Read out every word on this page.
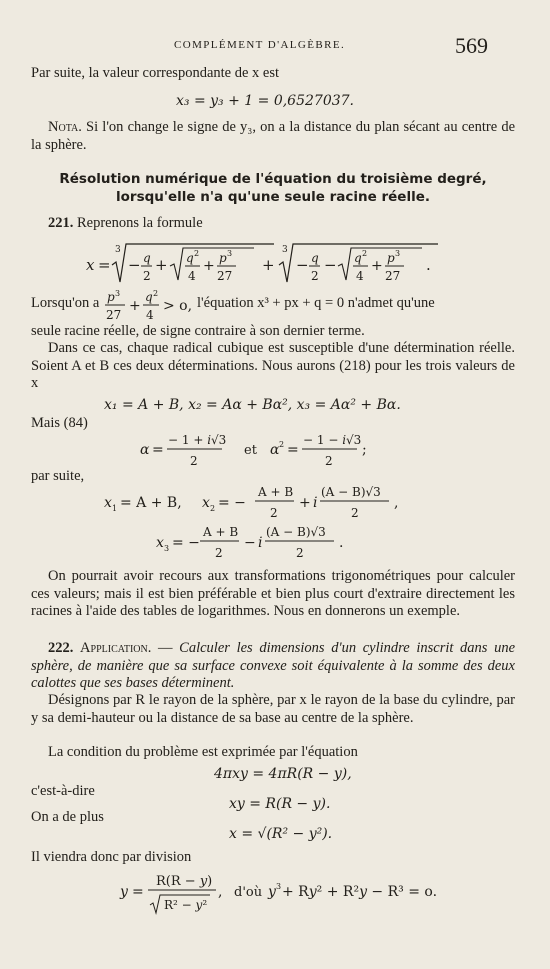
COMPLÉMENT D'ALGÈBRE.	569
Par suite, la valeur correspondante de x est
x₃ = y₃ + 1 = 0,6527037.
Nota. Si l'on change le signe de y₃, on a la distance du plan sécant au centre de la sphère.
Résolution numérique de l'équation du troisième degré, lorsqu'elle n'a qu'une seule racine réelle.
221. Reprenons la formule
x =
3
− q
2
+ q 2
4
+ p 3
27
+
3
− q
2
− q 2
4
+ p 3
27
.
Lorsqu'on a p 3
27
+
q 2
4
> o, l'équation x³ + px + q = 0 n'admet qu'une
seule racine réelle, de signe contraire à son dernier terme.
Dans ce cas, chaque radical cubique est susceptible d'une détermination réelle. Soient A et B ces deux déterminations. Nous aurons (218) pour les trois valeurs de x
x₁ = A + B, x₂ = Aα + Bα², x₃ = Aα² + Bα.
Mais (84)
α =
− 1 + i√3
2
et α 2 =
− 1 − i√3
2
;
par suite,
x 1 = A + B, x 2 = −
A + B
2
+ i
(A − B)√3
2
,
x 3 = −
A + B
2
− i
(A − B)√3
2
.
On pourrait avoir recours aux transformations trigonométriques pour calculer ces valeurs; mais il est bien préférable et bien plus court d'extraire directement les racines à l'aide des tables de logarithmes. Nous en donnerons un exemple.
222. Application. — Calculer les dimensions d'un cylindre inscrit dans une sphère, de manière que sa surface convexe soit équivalente à la somme des deux calottes que ses bases déterminent.
Désignons par R le rayon de la sphère, par x le rayon de la base du cylindre, par y sa demi-hauteur ou la distance de sa base au centre de la sphère.
La condition du problème est exprimée par l'équation
4πxy = 4πR(R − y),
c'est-à-dire
xy = R(R − y).
On a de plus
x = √(R² − y²).
Il viendra donc par division
y =
R(R − y)
R² − y²
, d'où y 3 + Ry² + R²y − R³ = o.
